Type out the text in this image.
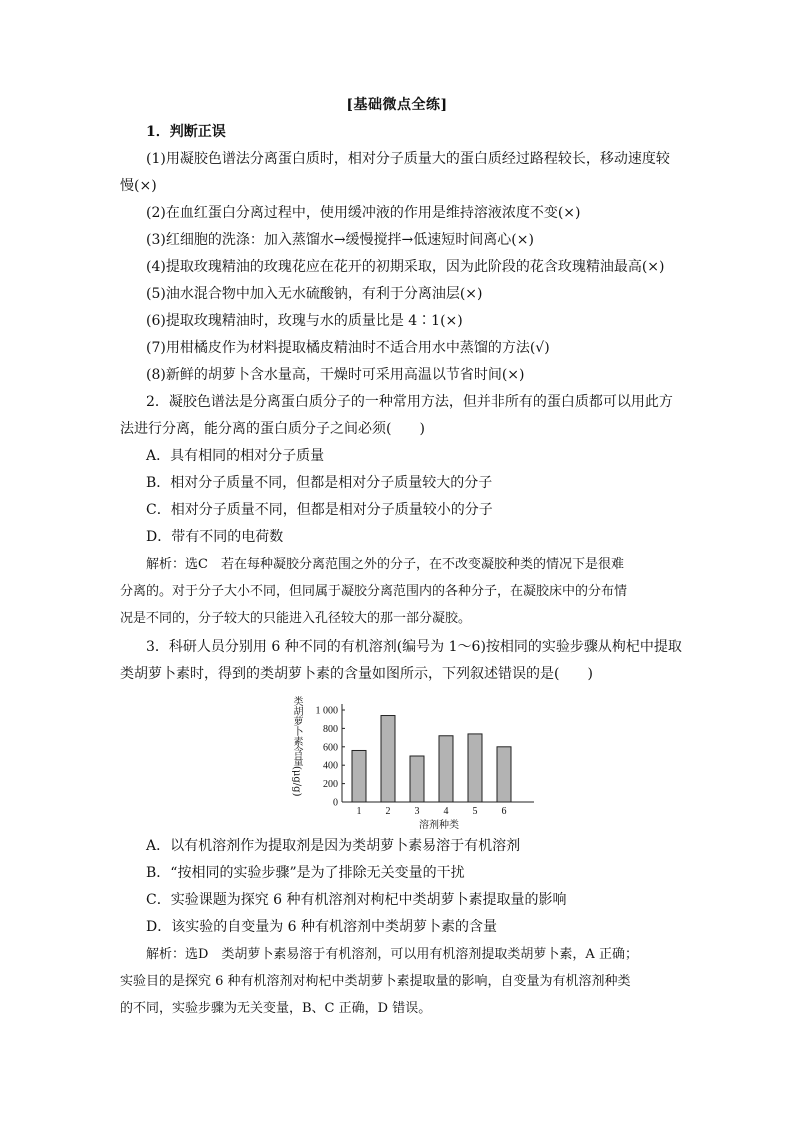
[基础微点全练]
1．判断正误
(1)用凝胶色谱法分离蛋白质时，相对分子质量大的蛋白质经过路程较长，移动速度较
慢(×)
(2)在血红蛋白分离过程中，使用缓冲液的作用是维持溶液浓度不变(×)
(3)红细胞的洗涤：加入蒸馏水→缓慢搅拌→低速短时间离心(×)
(4)提取玫瑰精油的玫瑰花应在花开的初期采取，因为此阶段的花含玫瑰精油最高(×)
(5)油水混合物中加入无水硫酸钠，有利于分离油层(×)
(6)提取玫瑰精油时，玫瑰与水的质量比是 4∶1(×)
(7)用柑橘皮作为材料提取橘皮精油时不适合用水中蒸馏的方法(√)
(8)新鲜的胡萝卜含水量高，干燥时可采用高温以节省时间(×)
2．凝胶色谱法是分离蛋白质分子的一种常用方法，但并非所有的蛋白质都可以用此方
法进行分离，能分离的蛋白质分子之间必须(　　)
A．具有相同的相对分子质量
B．相对分子质量不同，但都是相对分子质量较大的分子
C．相对分子质量不同，但都是相对分子质量较小的分子
D．带有不同的电荷数
解析：选C　若在每种凝胶分离范围之外的分子，在不改变凝胶种类的情况下是很难
分离的。对于分子大小不同，但同属于凝胶分离范围内的各种分子，在凝胶床中的分布情
况是不同的，分子较大的只能进入孔径较大的那一部分凝胶。
3．科研人员分别用 6 种不同的有机溶剂(编号为 1～6)按相同的实验步骤从枸杞中提取
类胡萝卜素时，得到的类胡萝卜素的含量如图所示，下列叙述错误的是(　　)
类胡萝卜素含量(μg/g)
0
200
400
600
800
1 000
1 2 3 4 5 6
溶剂种类
A．以有机溶剂作为提取剂是因为类胡萝卜素易溶于有机溶剂
B．“按相同的实验步骤”是为了排除无关变量的干扰
C．实验课题为探究 6 种有机溶剂对枸杞中类胡萝卜素提取量的影响
D．该实验的自变量为 6 种有机溶剂中类胡萝卜素的含量
解析：选D　类胡萝卜素易溶于有机溶剂，可以用有机溶剂提取类胡萝卜素，A 正确；
实验目的是探究 6 种有机溶剂对枸杞中类胡萝卜素提取量的影响，自变量为有机溶剂种类
的不同，实验步骤为无关变量，B、C 正确，D 错误。
